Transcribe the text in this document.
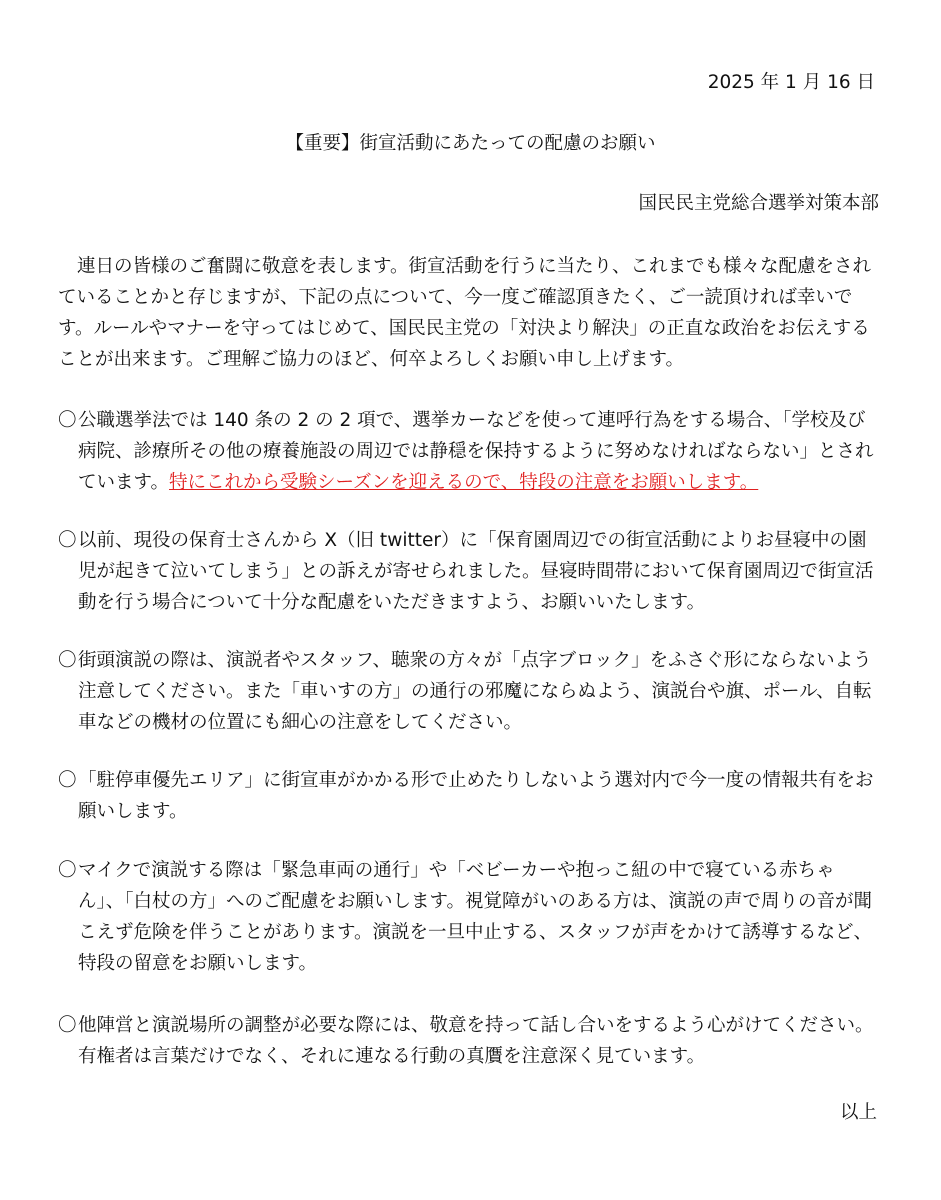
2025 年 1 月 16 日
【重要】街宣活動にあたっての配慮のお願い
国民民主党総合選挙対策本部

連日の皆様のご奮闘に敬意を表します。街宣活動を行うに当たり、これまでも様々な配慮をされていることかと存じますが、下記の点について、今一度ご確認頂きたく、ご一読頂ければ幸いです。ルールやマナーを守ってはじめて、国民民主党の「対決より解決」の正直な政治をお伝えすることが出来ます。ご理解ご協力のほど、何卒よろしくお願い申し上げます。

〇 公職選挙法では 140 条の 2 の 2 項で、選挙カーなどを使って連呼行為をする場合、「学校及び病院、診療所その他の療養施設の周辺では静穏を保持するように努めなければならない」とされています。特にこれから受験シーズンを迎えるので、特段の注意をお願いします。

〇 以前、現役の保育士さんから X（旧 twitter）に「保育園周辺での街宣活動によりお昼寝中の園児が起きて泣いてしまう」との訴えが寄せられました。昼寝時間帯において保育園周辺で街宣活動を行う場合について十分な配慮をいただきますよう、お願いいたします。

〇 街頭演説の際は、演説者やスタッフ、聴衆の方々が「点字ブロック」をふさぐ形にならないよう注意してください。また「車いすの方」の通行の邪魔にならぬよう、演説台や旗、ポール、自転車などの機材の位置にも細心の注意をしてください。

〇 「駐停車優先エリア」に街宣車がかかる形で止めたりしないよう選対内で今一度の情報共有をお願いします。

〇 マイクで演説する際は「緊急車両の通行」や「ベビーカーや抱っこ紐の中で寝ている赤ちゃん」、「白杖の方」へのご配慮をお願いします。視覚障がいのある方は、演説の声で周りの音が聞こえず危険を伴うことがあります。演説を一旦中止する、スタッフが声をかけて誘導するなど、特段の留意をお願いします。

〇 他陣営と演説場所の調整が必要な際には、敬意を持って話し合いをするよう心がけてください。有権者は言葉だけでなく、それに連なる行動の真贋を注意深く見ています。

以上
